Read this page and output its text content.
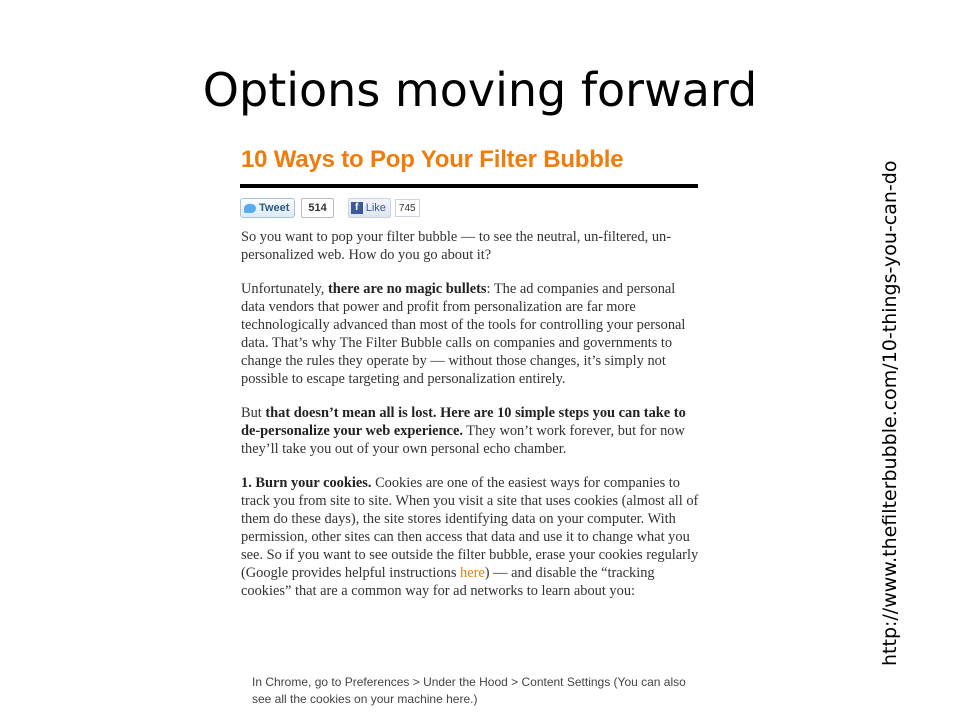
Options moving forward
http://www.thefilterbubble.com/10-things-you-can-do
10 Ways to Pop Your Filter Bubble
Tweet	514	f Like	745

So you want to pop your filter bubble — to see the neutral, un-filtered, un-personalized web. How do you go about it?

Unfortunately, there are no magic bullets: The ad companies and personal data vendors that power and profit from personalization are far more technologically advanced than most of the tools for controlling your personal data. That’s why The Filter Bubble calls on companies and governments to change the rules they operate by — without those changes, it’s simply not possible to escape targeting and personalization entirely.

But that doesn’t mean all is lost. Here are 10 simple steps you can take to de-personalize your web experience. They won’t work forever, but for now they’ll take you out of your own personal echo chamber.

1. Burn your cookies. Cookies are one of the easiest ways for companies to track you from site to site. When you visit a site that uses cookies (almost all of them do these days), the site stores identifying data on your computer. With permission, other sites can then access that data and use it to change what you see. So if you want to see outside the filter bubble, erase your cookies regularly (Google provides helpful instructions here) — and disable the “tracking cookies” that are a common way for ad networks to learn about you:

In Chrome, go to Preferences > Under the Hood > Content Settings (You can also see all the cookies on your machine here.)
